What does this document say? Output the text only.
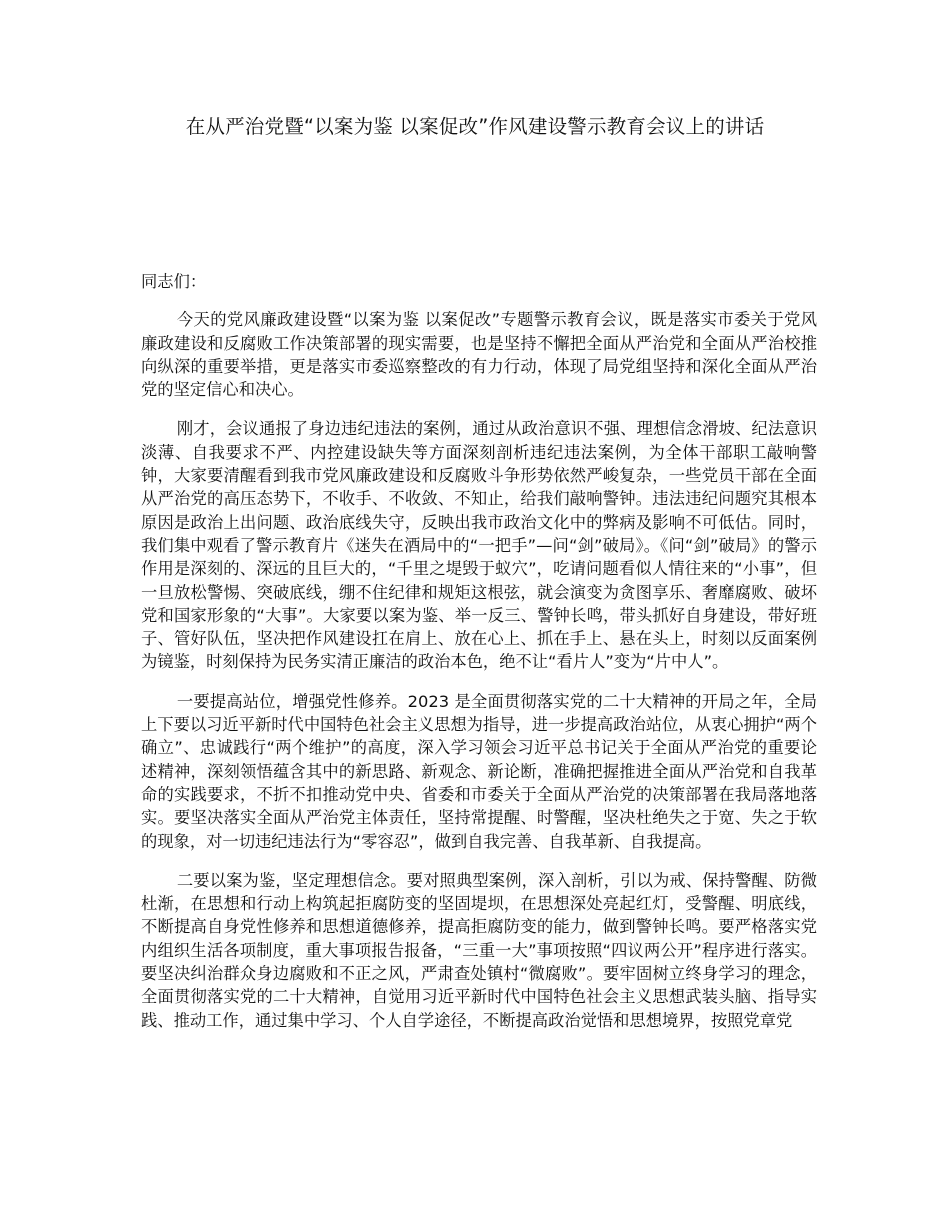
在从严治党暨“以案为鉴 以案促改”作风建设警示教育会议上的讲话

同志们：

今天的党风廉政建设暨“以案为鉴 以案促改”专题警示教育会议，既是落实市委关于党风廉政建设和反腐败工作决策部署的现实需要，也是坚持不懈把全面从严治党和全面从严治校推向纵深的重要举措，更是落实市委巡察整改的有力行动，体现了局党组坚持和深化全面从严治党的坚定信心和决心。

刚才，会议通报了身边违纪违法的案例，通过从政治意识不强、理想信念滑坡、纪法意识淡薄、自我要求不严、内控建设缺失等方面深刻剖析违纪违法案例，为全体干部职工敲响警钟，大家要清醒看到我市党风廉政建设和反腐败斗争形势依然严峻复杂，一些党员干部在全面从严治党的高压态势下，不收手、不收敛、不知止，给我们敲响警钟。违法违纪问题究其根本原因是政治上出问题、政治底线失守，反映出我市政治文化中的弊病及影响不可低估。同时，我们集中观看了警示教育片《迷失在酒局中的“一把手”—问“剑”破局》。《问“剑”破局》的警示作用是深刻的、深远的且巨大的，“千里之堤毁于蚁穴”，吃请问题看似人情往来的“小事”，但一旦放松警惕、突破底线，绷不住纪律和规矩这根弦，就会演变为贪图享乐、奢靡腐败、破坏党和国家形象的“大事”。大家要以案为鉴、举一反三、警钟长鸣，带头抓好自身建设，带好班子、管好队伍，坚决把作风建设扛在肩上、放在心上、抓在手上、悬在头上，时刻以反面案例为镜鉴，时刻保持为民务实清正廉洁的政治本色，绝不让“看片人”变为“片中人”。

一要提高站位，增强党性修养。2023 是全面贯彻落实党的二十大精神的开局之年，全局上下要以习近平新时代中国特色社会主义思想为指导，进一步提高政治站位，从衷心拥护“两个确立”、忠诚践行“两个维护”的高度，深入学习领会习近平总书记关于全面从严治党的重要论述精神，深刻领悟蕴含其中的新思路、新观念、新论断，准确把握推进全面从严治党和自我革命的实践要求，不折不扣推动党中央、省委和市委关于全面从严治党的决策部署在我局落地落实。要坚决落实全面从严治党主体责任，坚持常提醒、时警醒，坚决杜绝失之于宽、失之于软的现象，对一切违纪违法行为“零容忍”，做到自我完善、自我革新、自我提高。

二要以案为鉴，坚定理想信念。要对照典型案例，深入剖析，引以为戒、保持警醒、防微杜渐，在思想和行动上构筑起拒腐防变的坚固堤坝，在思想深处亮起红灯，受警醒、明底线，不断提高自身党性修养和思想道德修养，提高拒腐防变的能力，做到警钟长鸣。要严格落实党内组织生活各项制度，重大事项报告报备，“三重一大”事项按照“四议两公开”程序进行落实。要坚决纠治群众身边腐败和不正之风，严肃查处镇村“微腐败”。要牢固树立终身学习的理念，全面贯彻落实党的二十大精神，自觉用习近平新时代中国特色社会主义思想武装头脑、指导实践、推动工作，通过集中学习、个人自学途径，不断提高政治觉悟和思想境界，按照党章党
